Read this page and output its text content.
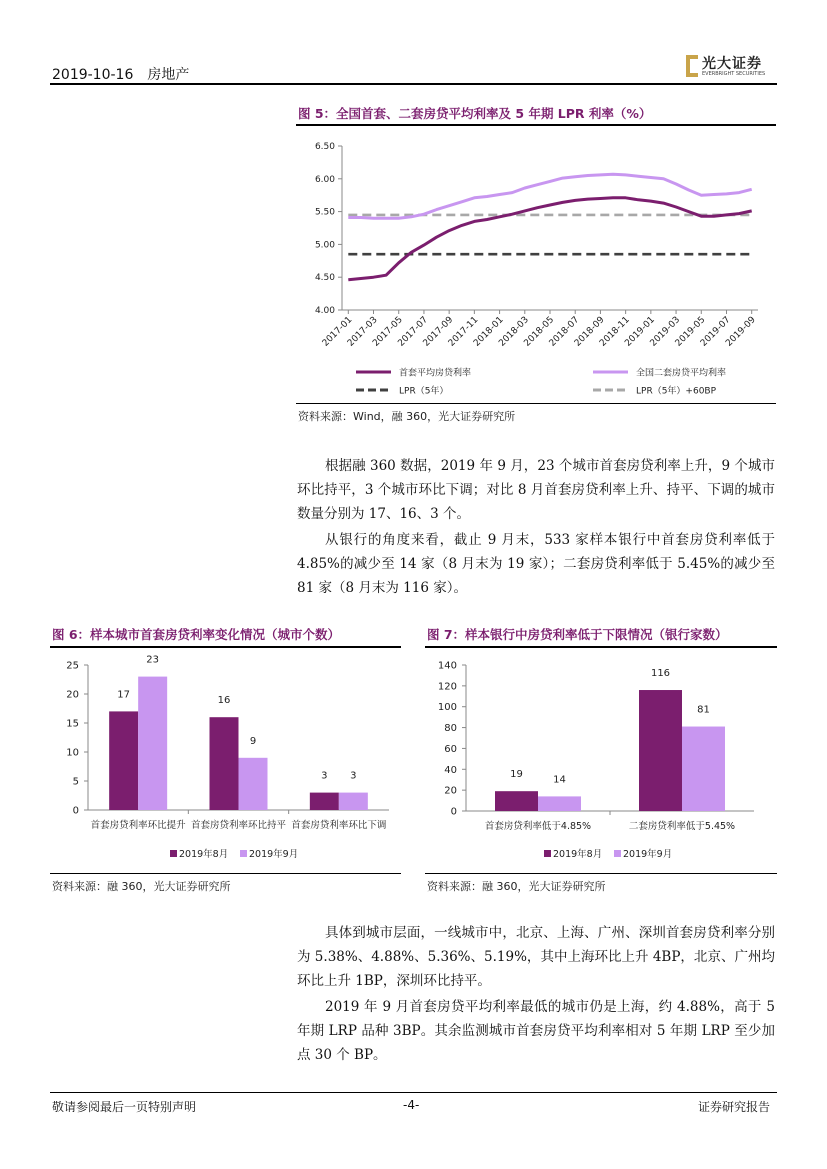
2019-10-16 房地产
光大证券
EVERBRIGHT SECURITIES
图 5：全国首套、二套房贷平均利率及 5 年期 LPR 利率（%）
4.00
4.50
5.00
5.50
6.00
6.50
2017-01
2017-03
2017-05
2017-07
2017-09
2017-11
2018-01
2018-03
2018-05
2018-07
2018-09
2018-11
2019-01
2019-03
2019-05
2019-07
2019-09
首套平均房贷利率	全国二套房贷平均利率
LPR（5年）	LPR（5年）+60BP
资料来源：Wind，融 360，光大证券研究所
根据融 360 数据，2019 年 9 月，23 个城市首套房贷利率上升，9 个城市环比持平，3 个城市环比下调；对比 8 月首套房贷利率上升、持平、下调的城市数量分别为 17、16、3 个。
从银行的角度来看，截止 9 月末，533 家样本银行中首套房贷利率低于 4.85%的减少至 14 家（8 月末为 19 家）；二套房贷利率低于 5.45%的减少至 81 家（8 月末为 116 家）。
图 6：样本城市首套房贷利率变化情况（城市个数）
0
5
10
15
20
25
首套房贷利率环比提升 首套房贷利率环比持平 首套房贷利率环比下调
17
23
16
9
3 3
2019年8月 2019年9月
资料来源：融 360，光大证券研究所
图 7：样本银行中房贷利率低于下限情况（银行家数）
0
20
40
60
80
100
120
140
首套房贷利率低于4.85%	二套房贷利率低于5.45%
19	14
116
81
2019年8月 2019年9月
资料来源：融 360，光大证券研究所
具体到城市层面，一线城市中，北京、上海、广州、深圳首套房贷利率分别为 5.38%、4.88%、5.36%、5.19%，其中上海环比上升 4BP，北京、广州均环比上升 1BP，深圳环比持平。
2019 年 9 月首套房贷平均利率最低的城市仍是上海，约 4.88%，高于 5 年期 LRP 品种 3BP。其余监测城市首套房贷平均利率相对 5 年期 LRP 至少加点 30 个 BP。
敬请参阅最后一页特别声明	-4-	证券研究报告
